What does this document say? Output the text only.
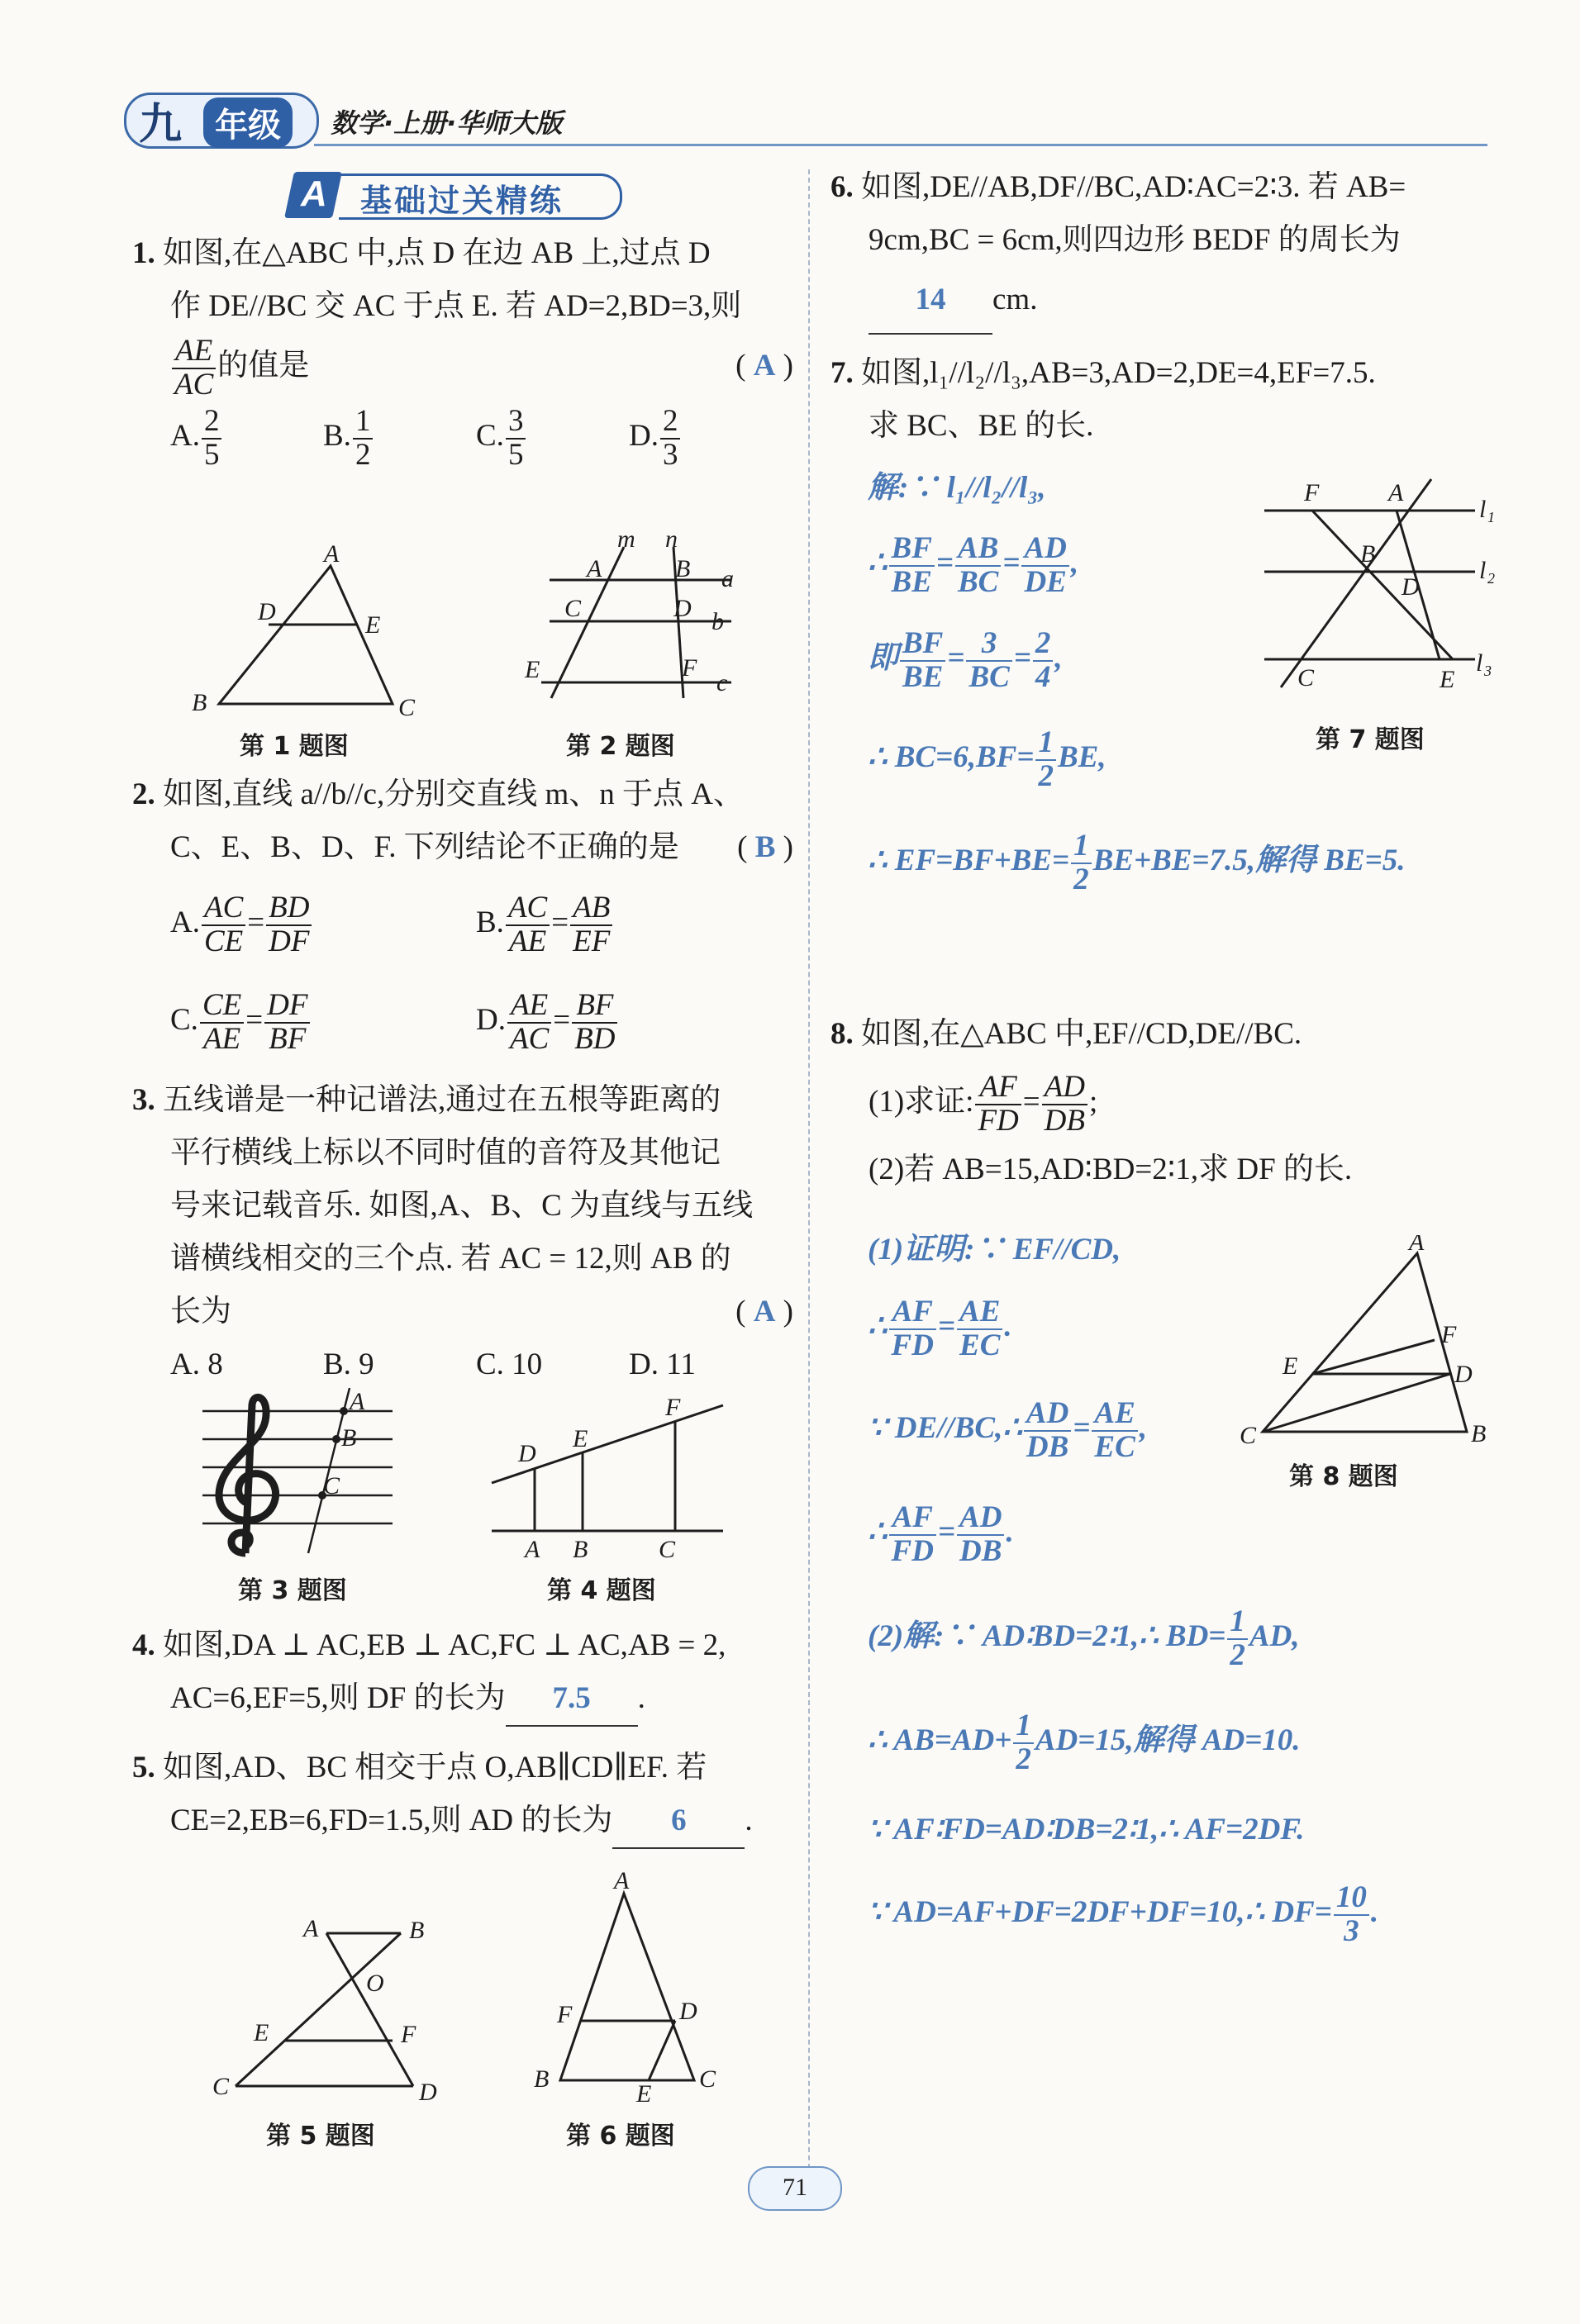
九 年级	数学·上册·华师大版
A 基础过关精练
1. 如图,在△ABC 中,点 D 在边 AB 上,过点 D
作 DE//BC 交 AC 于点 E. 若 AD=2,BD=3,则
$\frac{AE}{AC}$ 的值是	( A )
A. $\frac{2}{5}$	B. $\frac{1}{2}$	C. $\frac{3}{5}$	D. $\frac{2}{3}$
A
D	E
B	C
第 1 题图
m n
A	B a
C	D b
E	F
c
第 2 题图
2. 如图,直线 a//b//c,分别交直线 m、n 于点 A、
C、E、B、D、F. 下列结论不正确的是 ( B )
A. $\frac{AC}{CE} = \frac{BD}{DF}$	B. $\frac{AC}{AE} = \frac{AB}{EF}$
C. $\frac{CE}{AE} = \frac{DF}{BF}$	D. $\frac{AE}{AC} = \frac{BF}{BD}$
3. 五线谱是一种记谱法,通过在五根等距离的
平行横线上标以不同时值的音符及其他记
号来记载音乐. 如图,A、B、C 为直线与五线
谱横线相交的三个点. 若 AC = 12,则 AB 的
长为	( A )
A. 8	B. 9	C. 10	D. 11
A
B
C
第 3 题图
A B	C
D
E
F
第 4 题图
4. 如图,DA ⊥ AC,EB ⊥ AC,FC ⊥ AC,AB = 2,
AC=6,EF=5,则 DF 的长为 7.5 .
5. 如图,AD、BC 相交于点 O,AB∥CD∥EF. 若
CE=2,EB=6,FD=1.5,则 AD 的长为 6 .
A	B
O
E	F
C	D
第 5 题图
A
F	D
B
E
C
第 6 题图
6. 如图,DE//AB,DF//BC,AD∶AC=2∶3. 若 AB=
9cm,BC = 6cm,则四边形 BEDF 的周长为
14 cm.
7. 如图,l₁//l₂//l₃,AB=3,AD=2,DE=4,EF=7.5.
求 BC、BE 的长.
解:∵ l₁//l₂//l₃,
∴ $\frac{BF}{BE} = \frac{AB}{BC} = \frac{AD}{DE}$ ,
即 $\frac{BF}{BE} = \frac{3}{BC} = \frac{2}{4}$ ,
∴ $BC=6,BF= \frac{1}{2}$ BE,
∴ $EF=BF+BE= \frac{1}{2} BE+BE=7.5$,解得 BE=5.
F	A
l 1
B
D
l 2
C	E
l 3
第 7 题图
8. 如图,在△ABC 中,EF//CD,DE//BC.
(1)求证: $\frac{AF}{FD} = \frac{AD}{DB}$ ;
(2)若 AB=15,AD∶BD=2∶1,求 DF 的长.
(1)证明:∵ EF//CD,
∴ $\frac{AF}{FD} = \frac{AE}{EC}$ .
∵ DE//BC,∴ $\frac{AD}{DB} = \frac{AE}{EC}$ ,
∴ $\frac{AF}{FD} = \frac{AD}{DB}$ .
(2)解:∵ AD∶BD=2∶1,∴ $BD= \frac{1}{2}$ AD,
∴ $AB=AD+ \frac{1}{2} AD=15$,解得 AD=10.
∵ AF∶FD=AD∶DB=2∶1,∴ AF=2DF.
∵ AD=AF+DF=2DF+DF=10,∴ $DF= \frac{10}{3}$ .
A
F
D
E
C	B
第 8 题图
71
